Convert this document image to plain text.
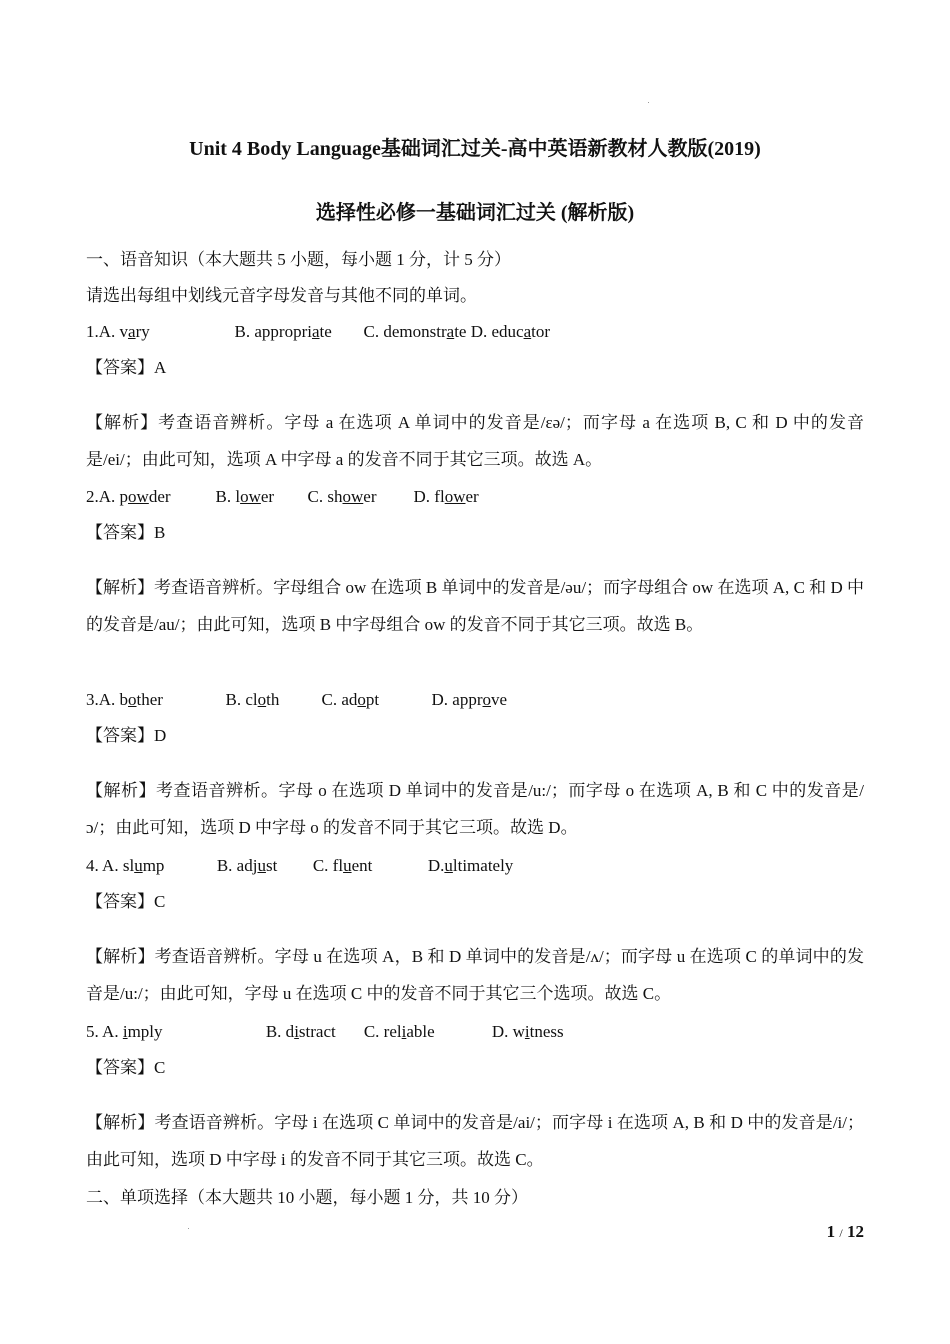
Unit 4 Body Language基础词汇过关-高中英语新教材人教版(2019)
选择性必修一基础词汇过关 (解析版)
一、语音知识（本大题共 5 小题，每小题 1 分，计 5 分）
请选出每组中划线元音字母发音与其他不同的单词。
1.A. vary	B. appropriate C. demonstrate D. educator
【答案】A
【解析】考查语音辨析。字母 a 在选项 A 单词中的发音是/εə/；而字母 a 在选项 B, C 和 D 中的发音是/ei/；由此可知，选项 A 中字母 a 的发音不同于其它三项。故选 A。
2.A. powder	B. lower C. shower D. flower
【答案】B
【解析】考查语音辨析。字母组合 ow 在选项 B 单词中的发音是/əu/；而字母组合 ow 在选项 A, C 和 D 中的发音是/au/；由此可知，选项 B 中字母组合 ow 的发音不同于其它三项。故选 B。
3.A. bother	B. cloth C. adopt	D. approve
【答案】D
【解析】考查语音辨析。字母 o 在选项 D 单词中的发音是/u:/；而字母 o 在选项 A, B 和 C 中的发音是/ɔ/；由此可知，选项 D 中字母 o 的发音不同于其它三项。故选 D。
4. A. slump	B. adjust C. fluent	D.ultimately
【答案】C
【解析】考查语音辨析。字母 u 在选项 A，B 和 D 单词中的发音是/ʌ/；而字母 u 在选项 C 的单词中的发音是/u:/；由此可知，字母 u 在选项 C 中的发音不同于其它三个选项。故选 C。
5. A. imply	B. distract C. reliable	D. witness
【答案】C
【解析】考查语音辨析。字母 i 在选项 C 单词中的发音是/ai/；而字母 i 在选项 A, B 和 D 中的发音是/i/；由此可知，选项 D 中字母 i 的发音不同于其它三项。故选 C。
二、单项选择（本大题共 10 小题，每小题 1 分，共 10 分）
1 / 12
